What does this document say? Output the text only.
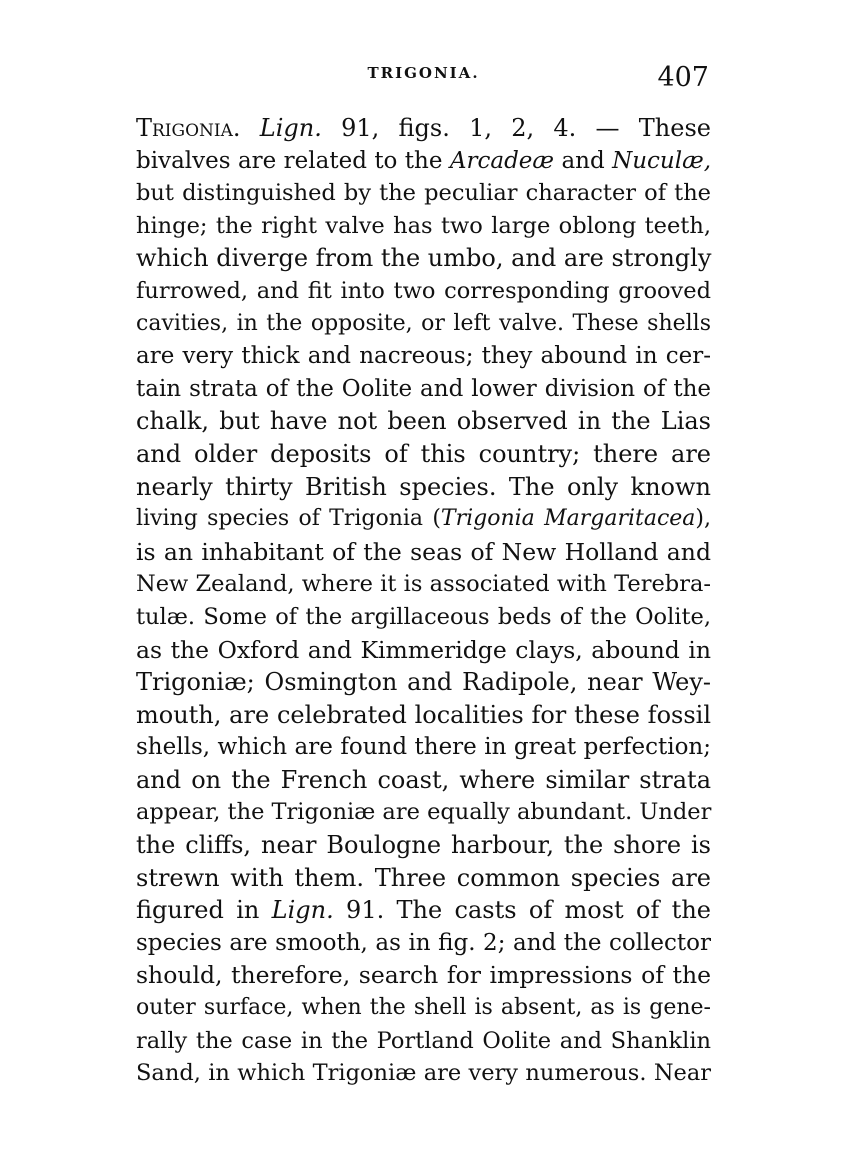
TRIGONIA.	407
Trigonia. Lign. 91, figs. 1, 2, 4. — These
bivalves are related to the Arcadeæ and Nuculæ,
but distinguished by the peculiar character of the
hinge; the right valve has two large oblong teeth,
which diverge from the umbo, and are strongly
furrowed, and fit into two corresponding grooved
cavities, in the opposite, or left valve. These shells
are very thick and nacreous; they abound in cer-
tain strata of the Oolite and lower division of the
chalk, but have not been observed in the Lias
and older deposits of this country; there are
nearly thirty British species. The only known
living species of Trigonia (Trigonia Margaritacea),
is an inhabitant of the seas of New Holland and
New Zealand, where it is associated with Terebra-
tulæ. Some of the argillaceous beds of the Oolite,
as the Oxford and Kimmeridge clays, abound in
Trigoniæ; Osmington and Radipole, near Wey-
mouth, are celebrated localities for these fossil
shells, which are found there in great perfection;
and on the French coast, where similar strata
appear, the Trigoniæ are equally abundant. Under
the cliffs, near Boulogne harbour, the shore is
strewn with them. Three common species are
figured in Lign. 91. The casts of most of the
species are smooth, as in fig. 2; and the collector
should, therefore, search for impressions of the
outer surface, when the shell is absent, as is gene-
rally the case in the Portland Oolite and Shanklin
Sand, in which Trigoniæ are very numerous. Near
